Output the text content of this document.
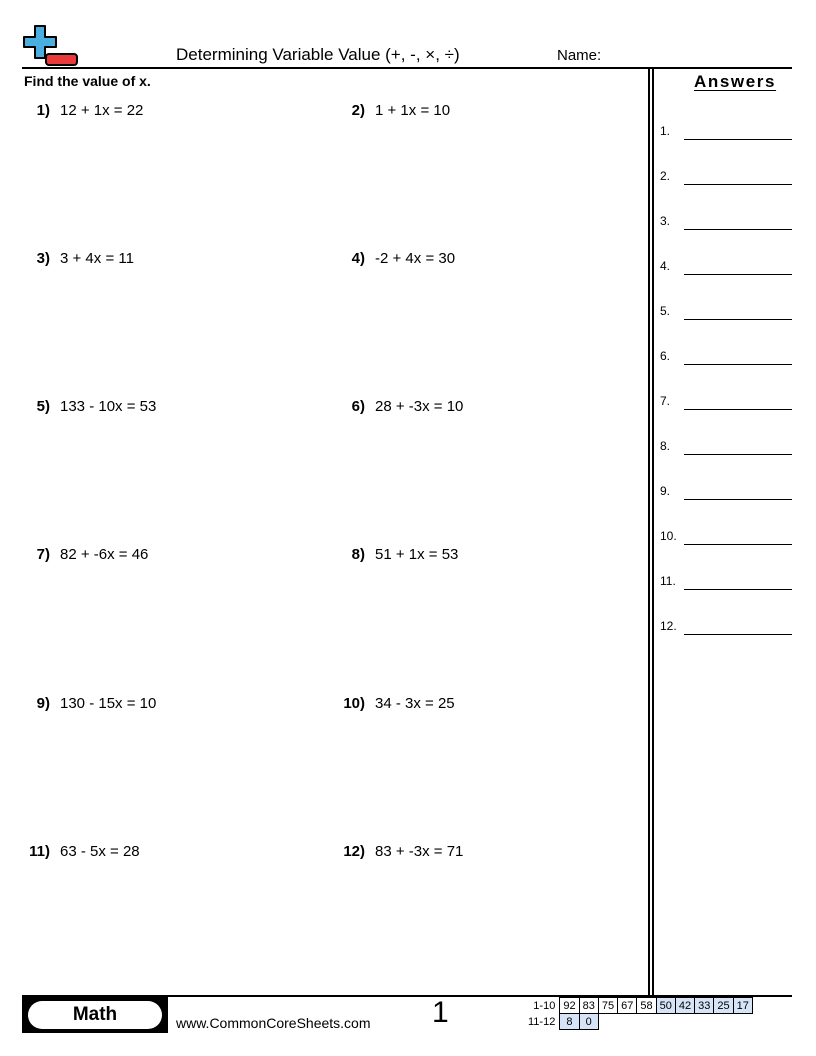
Determining Variable Value (+, -, ×, ÷)	Name:
Find the value of x.
1) 12 + 1x = 22	2) 1 + 1x = 10
3) 3 + 4x = 11	4) -2 + 4x = 30
5) 133 - 10x = 53	6) 28 + -3x = 10
7) 82 + -6x = 46	8) 51 + 1x = 53
9) 130 - 15x = 10	10) 34 - 3x = 25
11) 63 - 5x = 28	12) 83 + -3x = 71
Answers
1.
2.
3.
4.
5.
6.
7.
8.
9.
10.
11.
12.
Math	www.CommonCoreSheets.com 1	1-10	92	83	75	67	58	50	42	33	25	17
11-12	8	0								
